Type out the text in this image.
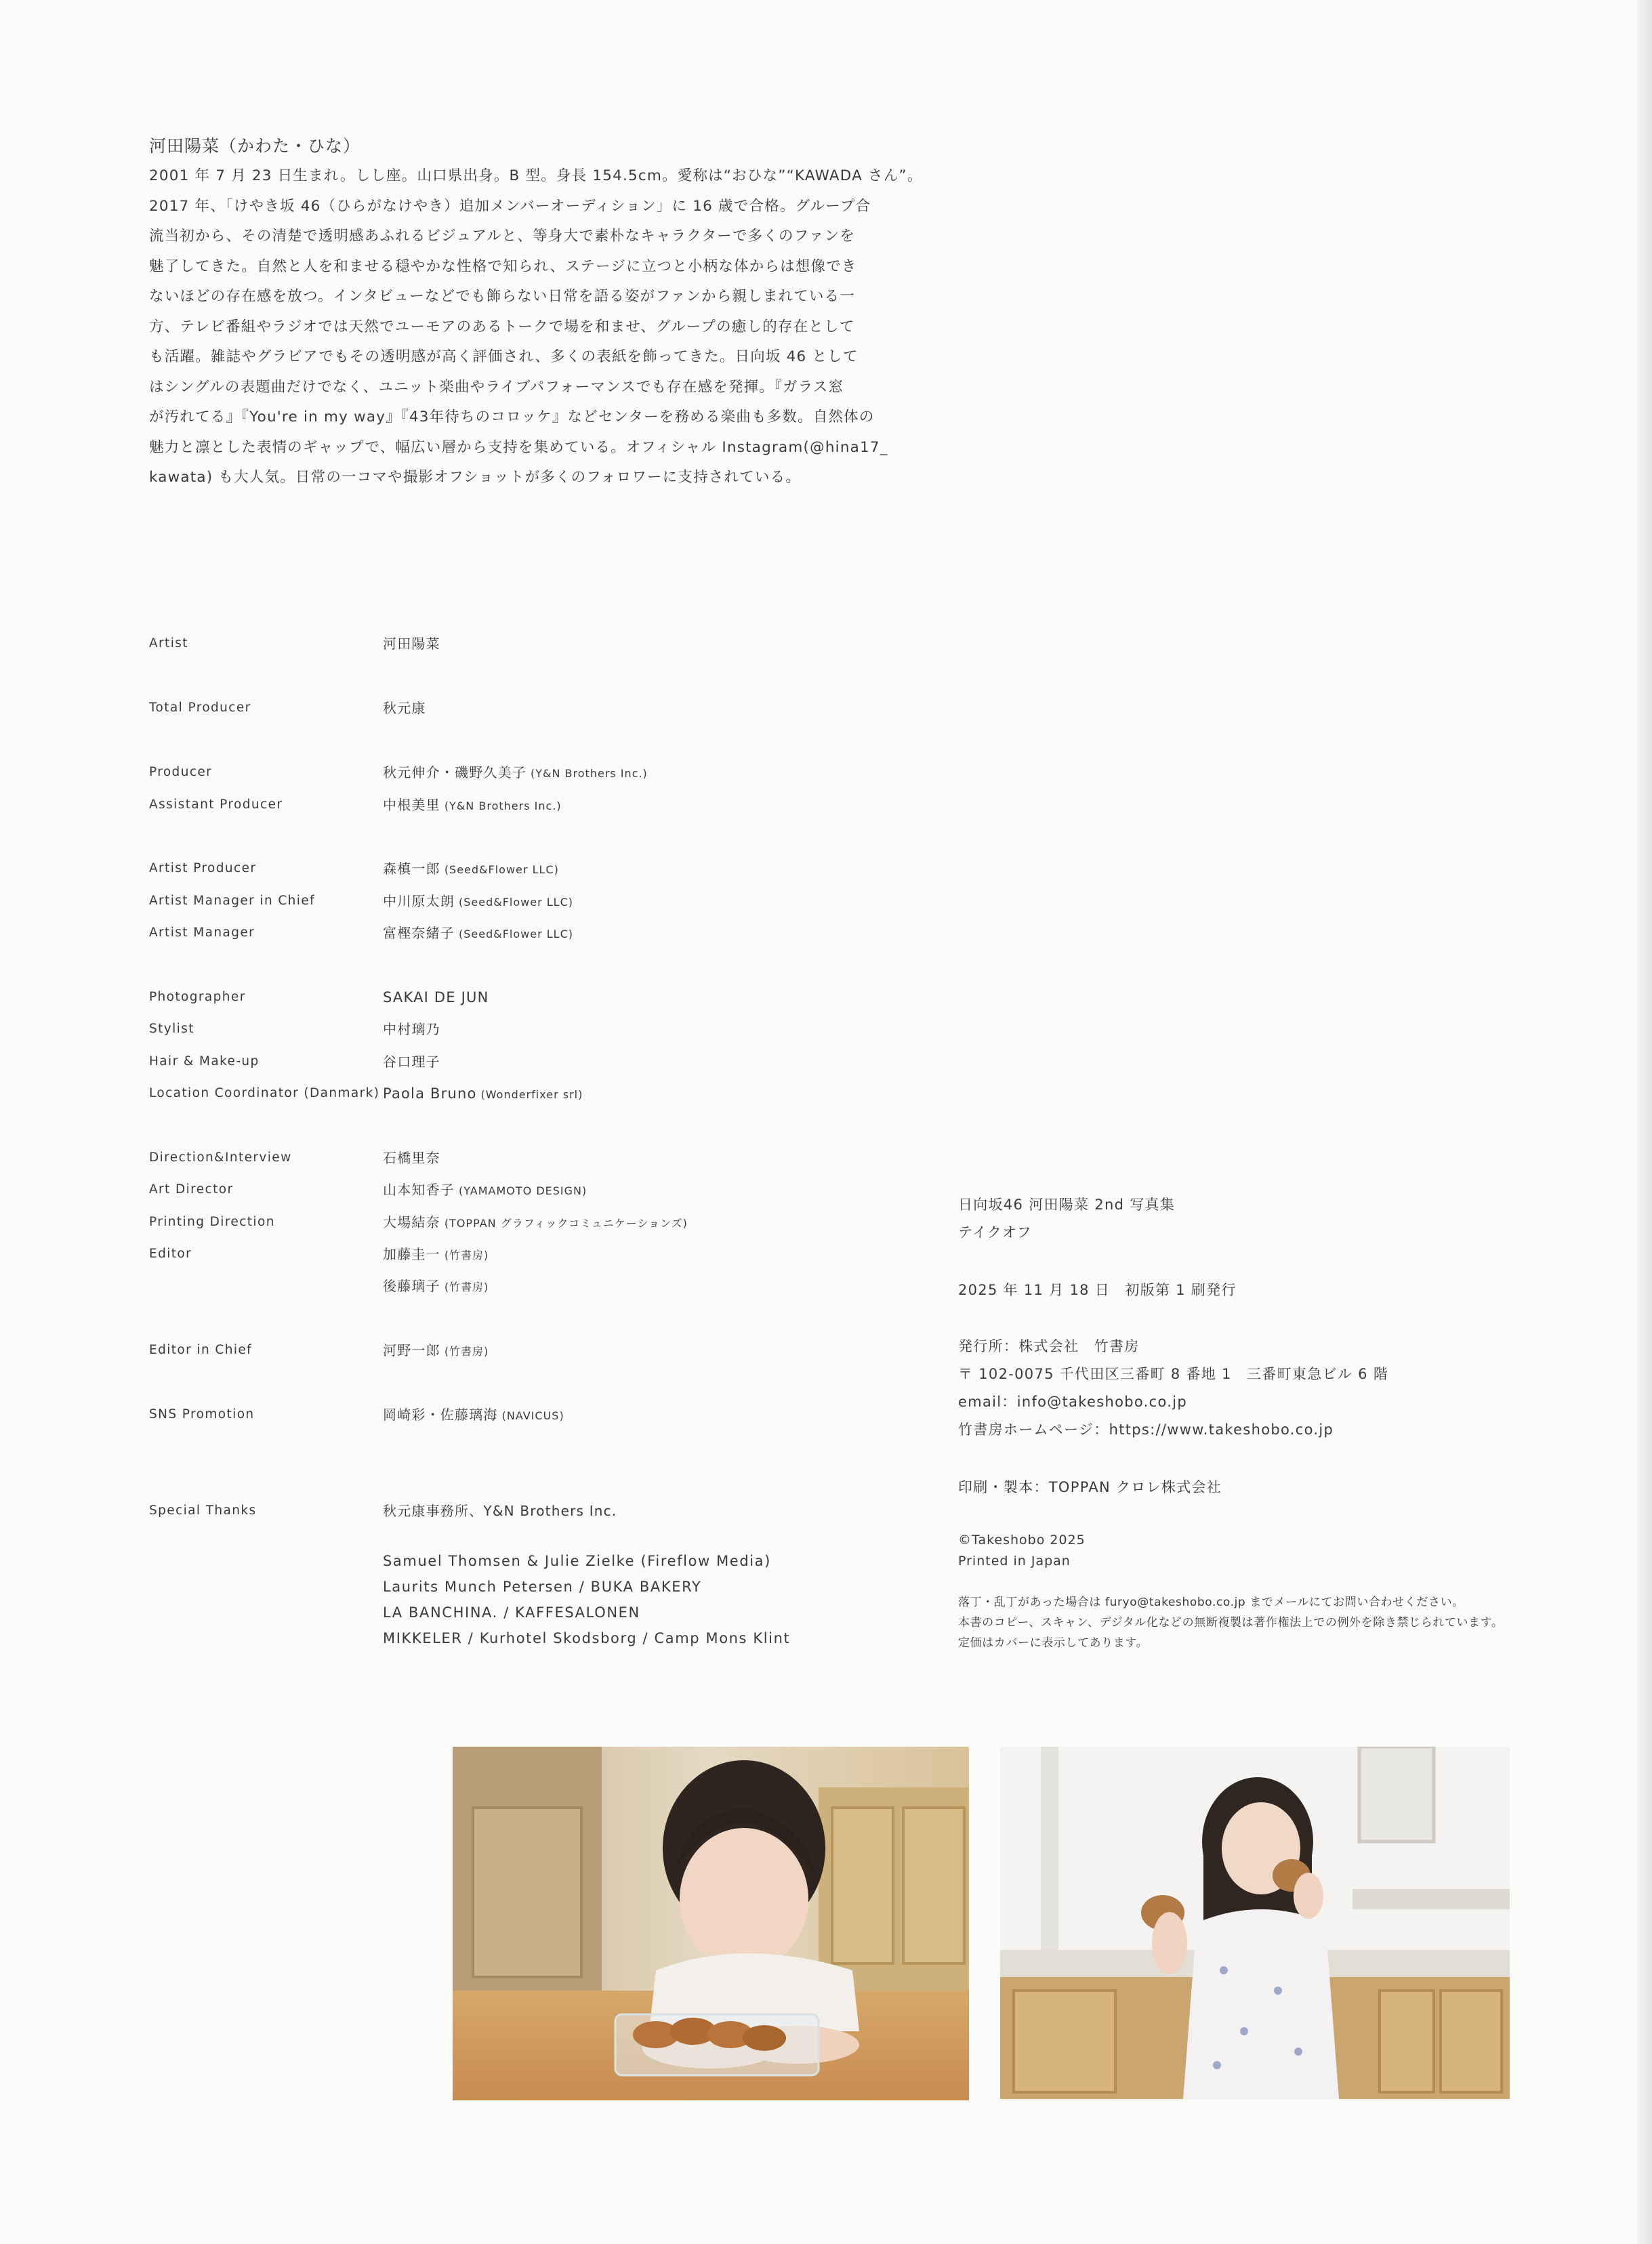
河田陽菜（かわた・ひな）
2001 年 7 月 23 日生まれ。しし座。山口県出身。B 型。身長 154.5cm。愛称は“おひな”“KAWADA さん”。
2017 年、「けやき坂 46（ひらがなけやき）追加メンバーオーディション」に 16 歳で合格。グループ合
流当初から、その清楚で透明感あふれるビジュアルと、等身大で素朴なキャラクターで多くのファンを
魅了してきた。自然と人を和ませる穏やかな性格で知られ、ステージに立つと小柄な体からは想像でき
ないほどの存在感を放つ。インタビューなどでも飾らない日常を語る姿がファンから親しまれている一
方、テレビ番組やラジオでは天然でユーモアのあるトークで場を和ませ、グループの癒し的存在として
も活躍。雑誌やグラビアでもその透明感が高く評価され、多くの表紙を飾ってきた。日向坂 46 として
はシングルの表題曲だけでなく、ユニット楽曲やライブパフォーマンスでも存在感を発揮。『ガラス窓
が汚れてる』『You're in my way』『43年待ちのコロッケ』などセンターを務める楽曲も多数。自然体の
魅力と凛とした表情のギャップで、幅広い層から支持を集めている。オフィシャル Instagram(@hina17_
kawata) も大人気。日常の一コマや撮影オフショットが多くのフォロワーに支持されている。
Artist	河田陽菜
Total Producer	秋元康
Producer	秋元伸介・磯野久美子 (Y&N Brothers Inc.)
Assistant Producer	中根美里 (Y&N Brothers Inc.)
Artist Producer	森槙一郎 (Seed&Flower LLC)
Artist Manager in Chief	中川原太朗 (Seed&Flower LLC)
Artist Manager	富樫奈緒子 (Seed&Flower LLC)
Photographer	SAKAI DE JUN
Stylist	中村璃乃
Hair & Make-up	谷口理子
Location Coordinator (Danmark) Paola Bruno (Wonderfixer srl)
Direction&Interview	石橋里奈
Art Director	山本知香子 (YAMAMOTO DESIGN)
Printing Direction	大場結奈 (TOPPAN グラフィックコミュニケーションズ)
Editor	加藤圭一 (竹書房)
後藤璃子 (竹書房)
Editor in Chief	河野一郎 (竹書房)
SNS Promotion	岡崎彩・佐藤璃海 (NAVICUS)
Special Thanks	秋元康事務所、Y&N Brothers Inc.
Samuel Thomsen & Julie Zielke (Fireflow Media)
Laurits Munch Petersen / BUKA BAKERY
LA BANCHINA. / KAFFESALONEN
MIKKELER / Kurhotel Skodsborg / Camp Mons Klint
日向坂46 河田陽菜 2nd 写真集
テイクオフ
2025 年 11 月 18 日　初版第 1 刷発行
発行所：株式会社　竹書房
〒 102-0075 千代田区三番町 8 番地 1　三番町東急ビル 6 階
email：info@takeshobo.co.jp
竹書房ホームページ：https://www.takeshobo.co.jp
印刷・製本：TOPPAN クロレ株式会社
©Takeshobo 2025
Printed in Japan
落丁・乱丁があった場合は furyo@takeshobo.co.jp までメールにてお問い合わせください。
本書のコピー、スキャン、デジタル化などの無断複製は著作権法上での例外を除き禁じられています。
定価はカバーに表示してあります。
